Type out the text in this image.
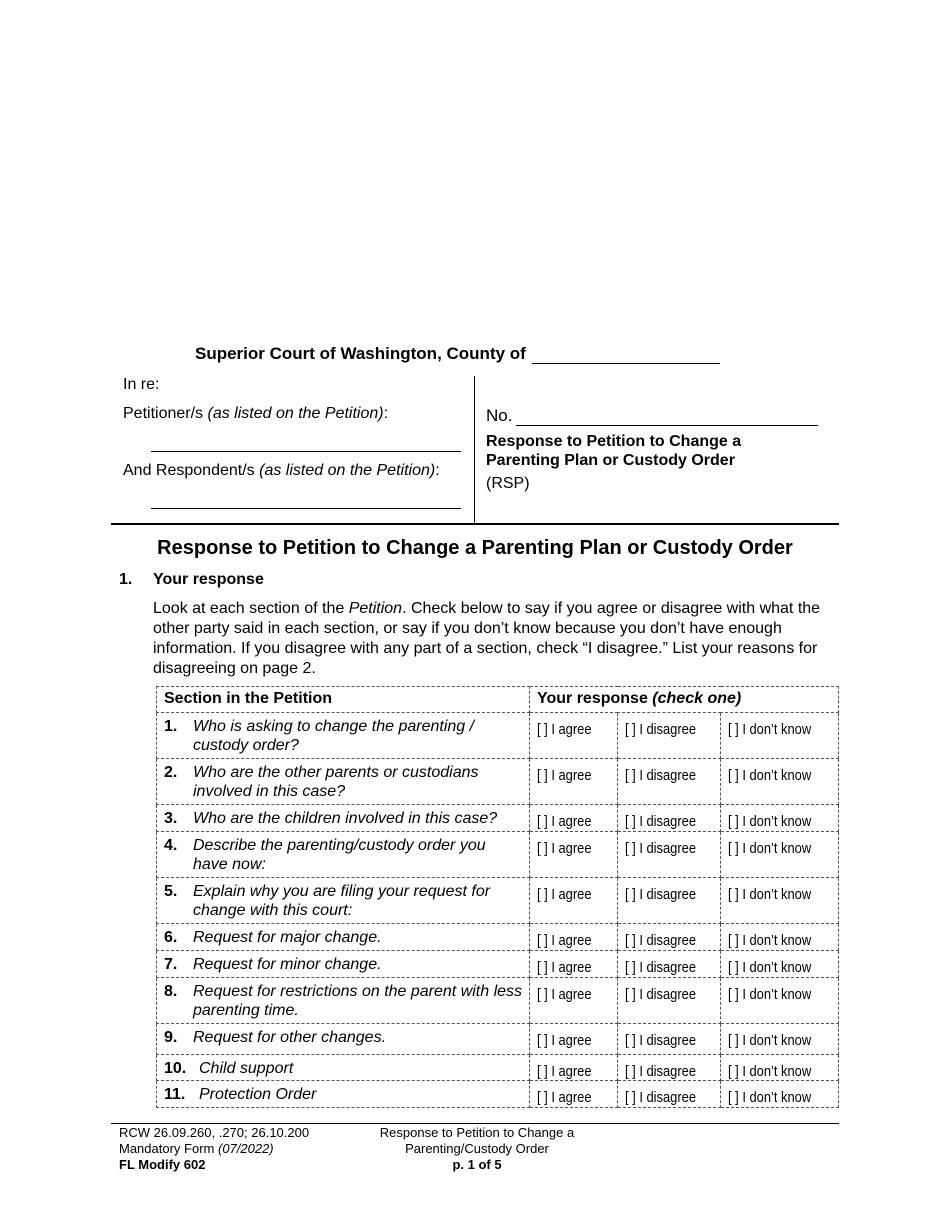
Superior Court of Washington, County of
In re:
Petitioner/s (as listed on the Petition):
And Respondent/s (as listed on the Petition):
No.
Response to Petition to Change a Parenting Plan or Custody Order
(RSP)
Response to Petition to Change a Parenting Plan or Custody Order
1. Your response
Look at each section of the Petition. Check below to say if you agree or disagree with what the other party said in each section, or say if you don’t know because you don’t have enough information. If you disagree with any part of a section, check “I disagree.” List your reasons for disagreeing on page 2.
Section in the Petition	Your response (check one)		

1. Who is asking to change the parenting / custody order?	[ ] I agree	[ ] I disagree	[ ] I don’t know

2. Who are the other parents or custodians involved in this case?	[ ] I agree	[ ] I disagree	[ ] I don’t know

3. Who are the children involved in this case?	[ ] I agree	[ ] I disagree	[ ] I don’t know

4. Describe the parenting/custody order you have now:	[ ] I agree	[ ] I disagree	[ ] I don’t know

5. Explain why you are filing your request for change with this court:	[ ] I agree	[ ] I disagree	[ ] I don’t know

6. Request for major change.	[ ] I agree	[ ] I disagree	[ ] I don’t know

7. Request for minor change.	[ ] I agree	[ ] I disagree	[ ] I don’t know

8. Request for restrictions on the parent with less parenting time.	[ ] I agree	[ ] I disagree	[ ] I don’t know

9. Request for other changes.	[ ] I agree	[ ] I disagree	[ ] I don’t know

10. Child support	[ ] I agree	[ ] I disagree	[ ] I don’t know

11. Protection Order	[ ] I agree	[ ] I disagree	[ ] I don’t know
RCW 26.09.260, .270; 26.10.200
Mandatory Form (07/2022)
FL Modify 602
Response to Petition to Change a
Parenting/Custody Order
p. 1 of 5
